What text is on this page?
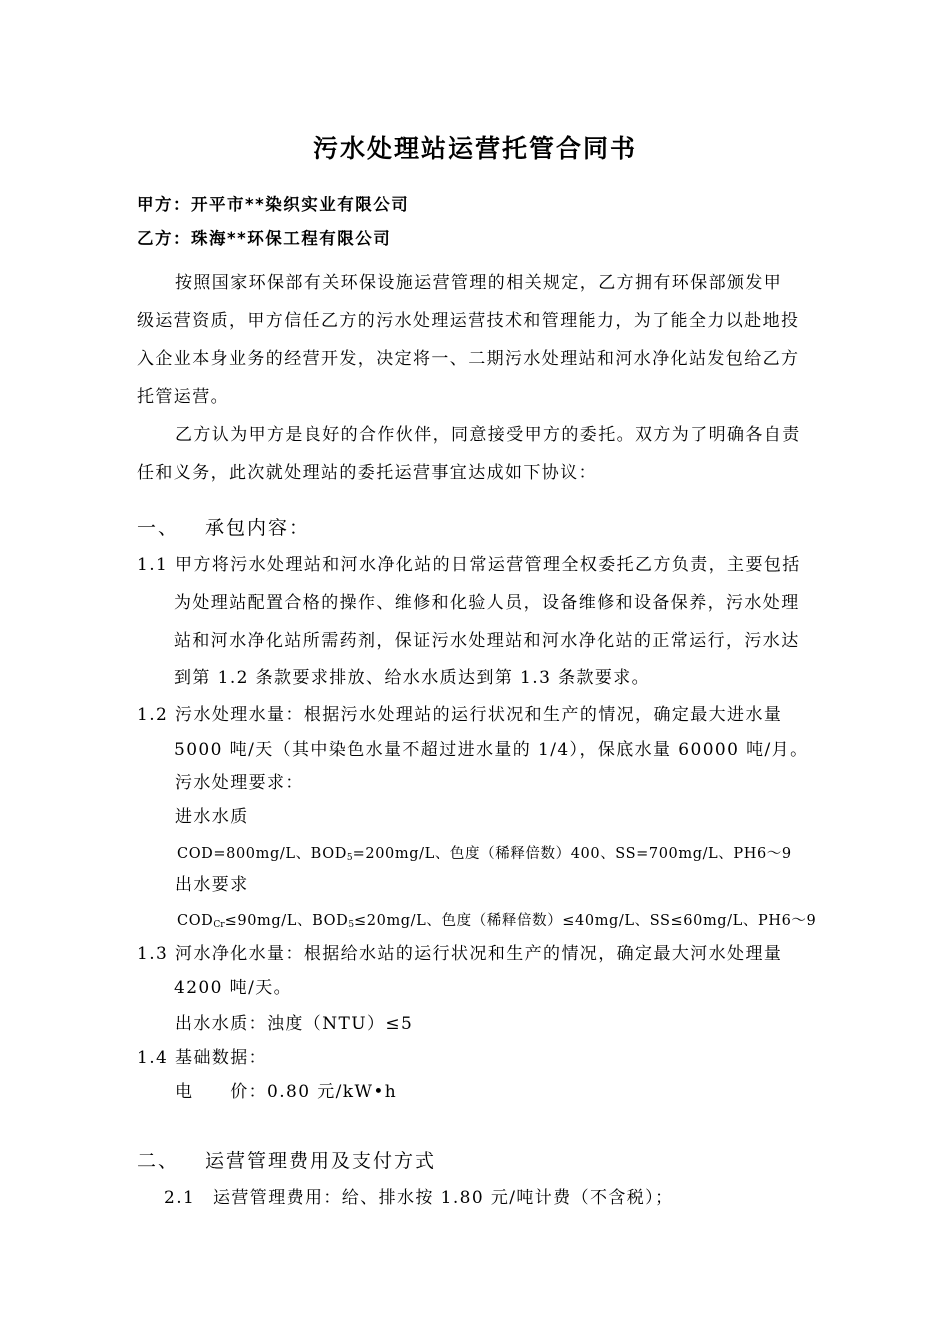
污水处理站运营托管合同书
甲方：开平市**染织实业有限公司
乙方：珠海**环保工程有限公司
按照国家环保部有关环保设施运营管理的相关规定，乙方拥有环保部颁发甲
级运营资质，甲方信任乙方的污水处理运营技术和管理能力，为了能全力以赴地投
入企业本身业务的经营开发，决定将一、二期污水处理站和河水净化站发包给乙方
托管运营。
乙方认为甲方是良好的合作伙伴，同意接受甲方的委托。双方为了明确各自责
任和义务，此次就处理站的委托运营事宜达成如下协议：
一、 承包内容：
1.1 甲方将污水处理站和河水净化站的日常运营管理全权委托乙方负责，主要包括
为处理站配置合格的操作、维修和化验人员，设备维修和设备保养，污水处理
站和河水净化站所需药剂，保证污水处理站和河水净化站的正常运行，污水达
到第 1.2 条款要求排放、给水水质达到第 1.3 条款要求。
1.2 污水处理水量：根据污水处理站的运行状况和生产的情况，确定最大进水量
5000 吨/天（其中染色水量不超过进水量的 1/4），保底水量 60000 吨/月。
污水处理要求：
进水水质
COD=800mg/L、$BOD_5=200mg/L$、色度（稀释倍数）400、SS=700mg/L、PH6～9
出水要求
$COD_{Cr}\le 90mg/L$、$BOD_5\le 20mg/L$、色度（稀释倍数）≤40mg/L、SS≤60mg/L、PH6～9
1.3 河水净化水量：根据给水站的运行状况和生产的情况，确定最大河水处理量
4200 吨/天。
出水水质：浊度（NTU）≤5
1.4 基础数据：
电　　价：0.80 元/kW•h
二、 运营管理费用及支付方式
2.1 运营管理费用：给、排水按 1.80 元/吨计费（不含税）；
